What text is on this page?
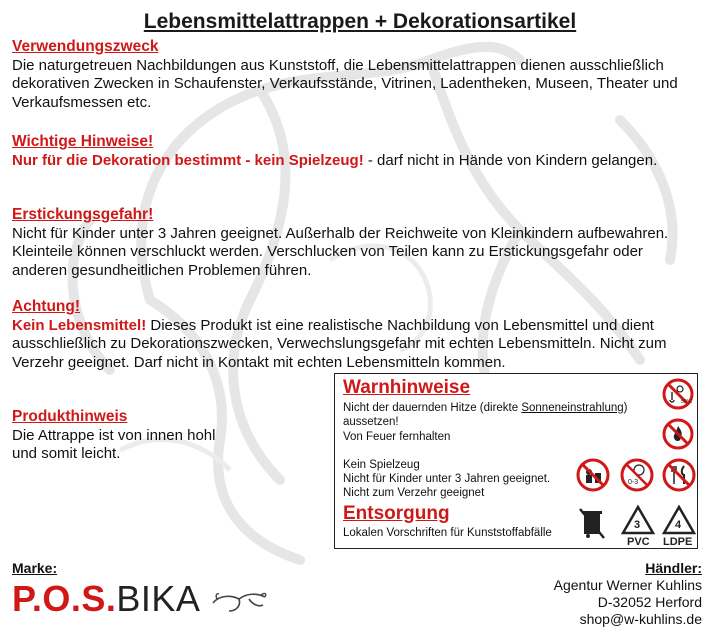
Lebensmittelattrappen + Dekorationsartikel
Verwendungszweck
Die naturgetreuen Nachbildungen aus Kunststoff, die Lebensmittelattrappen dienen ausschließlich dekorativen Zwecken in Schaufenster, Verkaufsstände, Vitrinen, Ladentheken, Museen, Theater und Verkaufsmessen etc.
Wichtige Hinweise!
Nur für die Dekoration bestimmt - kein Spielzeug! - darf nicht in Hände von Kindern gelangen.
Erstickungsgefahr!
Nicht für Kinder unter 3 Jahren geeignet. Außerhalb der Reichweite von Kleinkindern aufbewahren. Kleinteile können verschluckt werden. Verschlucken von Teilen kann zu Erstickungsgefahr oder anderen gesundheitlichen Problemen führen.
Achtung!
Kein Lebensmittel! Dieses Produkt ist eine realistische Nachbildung von Lebensmittel und dient ausschließlich zu Dekorationszwecken, Verwechslungsgefahr mit echten Lebensmitteln. Nicht zum Verzehr geeignet. Darf nicht in Kontakt mit echten Lebensmitteln kommen.
Produkthinweis
Die Attrappe ist von innen hohl
und somit leicht.
Warnhinweise
Nicht der dauernden Hitze (direkte Sonneneinstrahlung)
aussetzen!
Von Feuer fernhalten
Kein Spielzeug
Nicht für Kinder unter 3 Jahren geeignet.
Nicht zum Verzehr geeignet
Entsorgung
Lokalen Vorschriften für Kunststoffabfälle
50°C
0-3
3
PVC
4
LDPE
Marke:
P.O.S.BIKA
Händler:
Agentur Werner Kuhlins
D-32052 Herford
shop@w-kuhlins.de
